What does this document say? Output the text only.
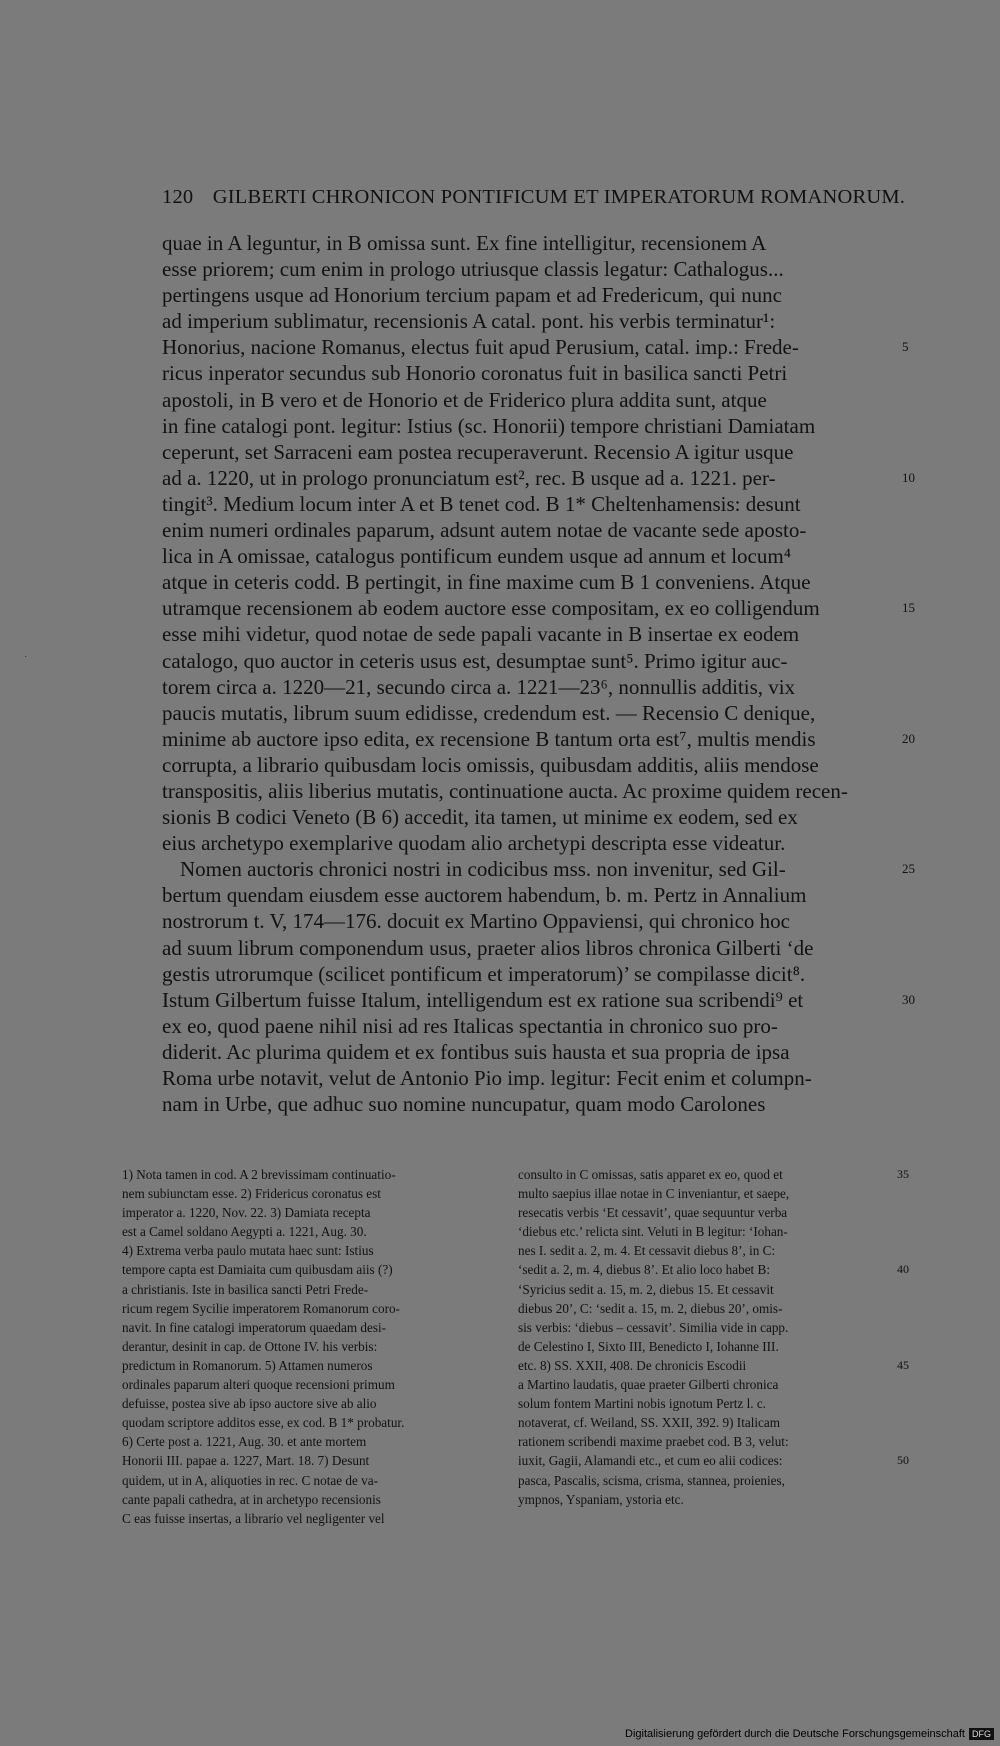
·
120 GILBERTI CHRONICON PONTIFICUM ET IMPERATORUM ROMANORUM.
quae in A leguntur, in B omissa sunt. Ex fine intelligitur, recensionem A
esse priorem; cum enim in prologo utriusque classis legatur: Cathalogus...
pertingens usque ad Honorium tercium papam et ad Fredericum, qui nunc
ad imperium sublimatur, recensionis A catal. pont. his verbis terminatur¹:
Honorius, nacione Romanus, electus fuit apud Perusium, catal. imp.: Frede-	5
ricus inperator secundus sub Honorio coronatus fuit in basilica sancti Petri
apostoli, in B vero et de Honorio et de Friderico plura addita sunt, atque
in fine catalogi pont. legitur: Istius (sc. Honorii) tempore christiani Damiatam
ceperunt, set Sarraceni eam postea recuperaverunt. Recensio A igitur usque
ad a. 1220, ut in prologo pronunciatum est², rec. B usque ad a. 1221. per-	10
tingit³. Medium locum inter A et B tenet cod. B 1* Cheltenhamensis: desunt
enim numeri ordinales paparum, adsunt autem notae de vacante sede aposto-
lica in A omissae, catalogus pontificum eundem usque ad annum et locum⁴
atque in ceteris codd. B pertingit, in fine maxime cum B 1 conveniens. Atque
utramque recensionem ab eodem auctore esse compositam, ex eo colligendum	15
esse mihi videtur, quod notae de sede papali vacante in B insertae ex eodem
catalogo, quo auctor in ceteris usus est, desumptae sunt⁵. Primo igitur auc-
torem circa a. 1220—21, secundo circa a. 1221—23⁶, nonnullis additis, vix
paucis mutatis, librum suum edidisse, credendum est. — Recensio C denique,
minime ab auctore ipso edita, ex recensione B tantum orta est⁷, multis mendis	20
corrupta, a librario quibusdam locis omissis, quibusdam additis, aliis mendose
transpositis, aliis liberius mutatis, continuatione aucta. Ac proxime quidem recen-
sionis B codici Veneto (B 6) accedit, ita tamen, ut minime ex eodem, sed ex
eius archetypo exemplarive quodam alio archetypi descripta esse videatur.
Nomen auctoris chronici nostri in codicibus mss. non invenitur, sed Gil-	25
bertum quendam eiusdem esse auctorem habendum, b. m. Pertz in Annalium
nostrorum t. V, 174—176. docuit ex Martino Oppaviensi, qui chronico hoc
ad suum librum componendum usus, praeter alios libros chronica Gilberti ‘de
gestis utrorumque (scilicet pontificum et imperatorum)’ se compilasse dicit⁸.
Istum Gilbertum fuisse Italum, intelligendum est ex ratione sua scribendi⁹ et	30
ex eo, quod paene nihil nisi ad res Italicas spectantia in chronico suo pro-
diderit. Ac plurima quidem et ex fontibus suis hausta et sua propria de ipsa
Roma urbe notavit, velut de Antonio Pio imp. legitur: Fecit enim et columpn-
nam in Urbe, que adhuc suo nomine nuncupatur, quam modo Carolones
1) Nota tamen in cod. A 2 brevissimam continuatio-
nem subiunctam esse. 2) Fridericus coronatus est
imperator a. 1220, Nov. 22. 3) Damiata recepta
est a Camel soldano Aegypti a. 1221, Aug. 30.
4) Extrema verba paulo mutata haec sunt: Istius
tempore capta est Damiaita cum quibusdam aiis (?)
a christianis. Iste in basilica sancti Petri Frede-
ricum regem Sycilie imperatorem Romanorum coro-
navit. In fine catalogi imperatorum quaedam desi-
derantur, desinit in cap. de Ottone IV. his verbis:
predictum in Romanorum. 5) Attamen numeros
ordinales paparum alteri quoque recensioni primum
defuisse, postea sive ab ipso auctore sive ab alio
quodam scriptore additos esse, ex cod. B 1* probatur.
6) Certe post a. 1221, Aug. 30. et ante mortem
Honorii III. papae a. 1227, Mart. 18. 7) Desunt
quidem, ut in A, aliquoties in rec. C notae de va-
cante papali cathedra, at in archetypo recensionis
C eas fuisse insertas, a librario vel negligenter vel
consulto in C omissas, satis apparet ex eo, quod et	35
multo saepius illae notae in C inveniantur, et saepe,
resecatis verbis ‘Et cessavit’, quae sequuntur verba
‘diebus etc.’ relicta sint. Veluti in B legitur: ‘Iohan-
nes I. sedit a. 2, m. 4. Et cessavit diebus 8’, in C:
‘sedit a. 2, m. 4, diebus 8’. Et alio loco habet B:	40
‘Syricius sedit a. 15, m. 2, diebus 15. Et cessavit
diebus 20’, C: ‘sedit a. 15, m. 2, diebus 20’, omis-
sis verbis: ‘diebus – cessavit’. Similia vide in capp.
de Celestino I, Sixto III, Benedicto I, Iohanne III.
etc. 8) SS. XXII, 408. De chronicis Escodii	45
a Martino laudatis, quae praeter Gilberti chronica
solum fontem Martini nobis ignotum Pertz l. c.
notaverat, cf. Weiland, SS. XXII, 392. 9) Italicam
rationem scribendi maxime praebet cod. B 3, velut:
iuxit, Gagii, Alamandi etc., et cum eo alii codices:	50
pasca, Pascalis, scisma, crisma, stannea, proienies,
ympnos, Yspaniam, ystoria etc.
Digitalisierung gefördert durch die Deutsche Forschungsgemeinschaft DFG
